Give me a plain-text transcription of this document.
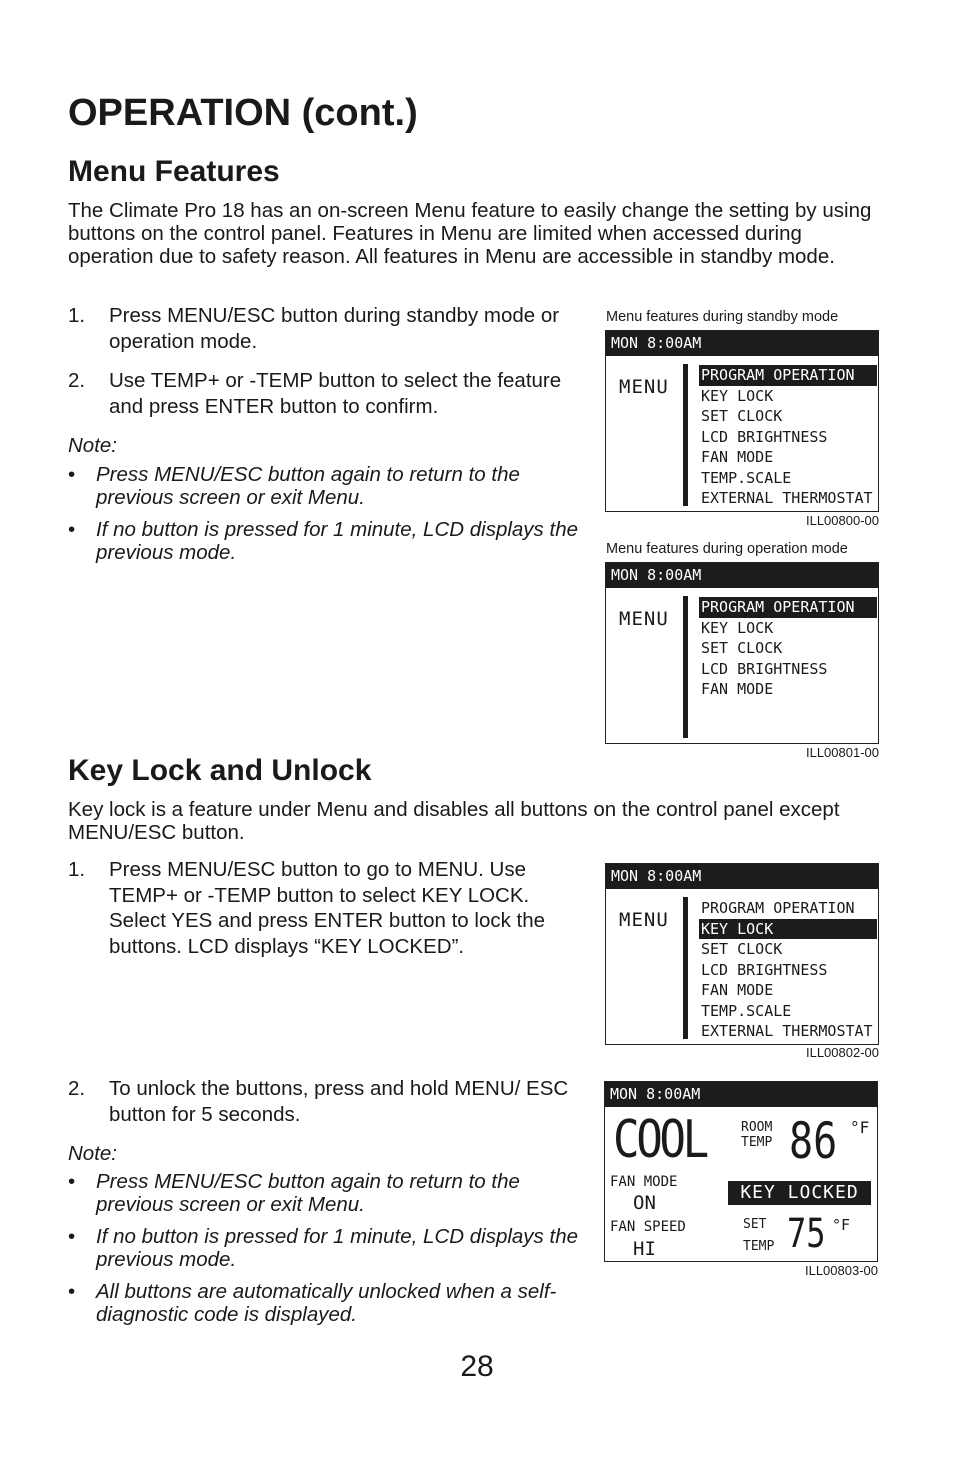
OPERATION (cont.)
Menu Features

The Climate Pro 18 has an on-screen Menu feature to easily change the setting by using buttons on the control panel. Features in Menu are limited when accessed during operation due to safety reason. All features in Menu are accessible in standby mode.

1. Press MENU/ESC button during standby mode or operation mode.
2. Use TEMP+ or -TEMP button to select the feature and press ENTER button to confirm.
Note:
• Press MENU/ESC button again to return to the previous screen or exit Menu.
• If no button is pressed for 1 minute, LCD displays the previous mode.
Menu features during standby mode
MON 8:00AM
MENU
PROGRAM OPERATION
KEY LOCK
SET CLOCK
LCD BRIGHTNESS
FAN MODE
TEMP.SCALE
EXTERNAL THERMOSTAT
ILL00800-00
Menu features during operation mode
MON 8:00AM
MENU
PROGRAM OPERATION
KEY LOCK
SET CLOCK
LCD BRIGHTNESS
FAN MODE
ILL00801-00
Key Lock and Unlock

Key lock is a feature under Menu and disables all buttons on the control panel except MENU/ESC button.

1. Press MENU/ESC button to go to MENU. Use TEMP+ or -TEMP button to select KEY LOCK. Select YES and press ENTER button to lock the buttons. LCD displays “KEY LOCKED”.
MON 8:00AM
MENU
PROGRAM OPERATION
KEY LOCK
SET CLOCK
LCD BRIGHTNESS
FAN MODE
TEMP.SCALE
EXTERNAL THERMOSTAT
ILL00802-00
2. To unlock the buttons, press and hold MENU/ ESC button for 5 seconds.
Note:
• Press MENU/ESC button again to return to the previous screen or exit Menu.
• If no button is pressed for 1 minute, LCD displays the previous mode.
• All buttons are automatically unlocked when a self-diagnostic code is displayed.
MON 8:00AM
COOL	ROOM
TEMP 86 °F
FAN MODE
ON
FAN SPEED
HI
KEY LOCKED
SET
TEMP 75 °F
ILL00803-00
28
